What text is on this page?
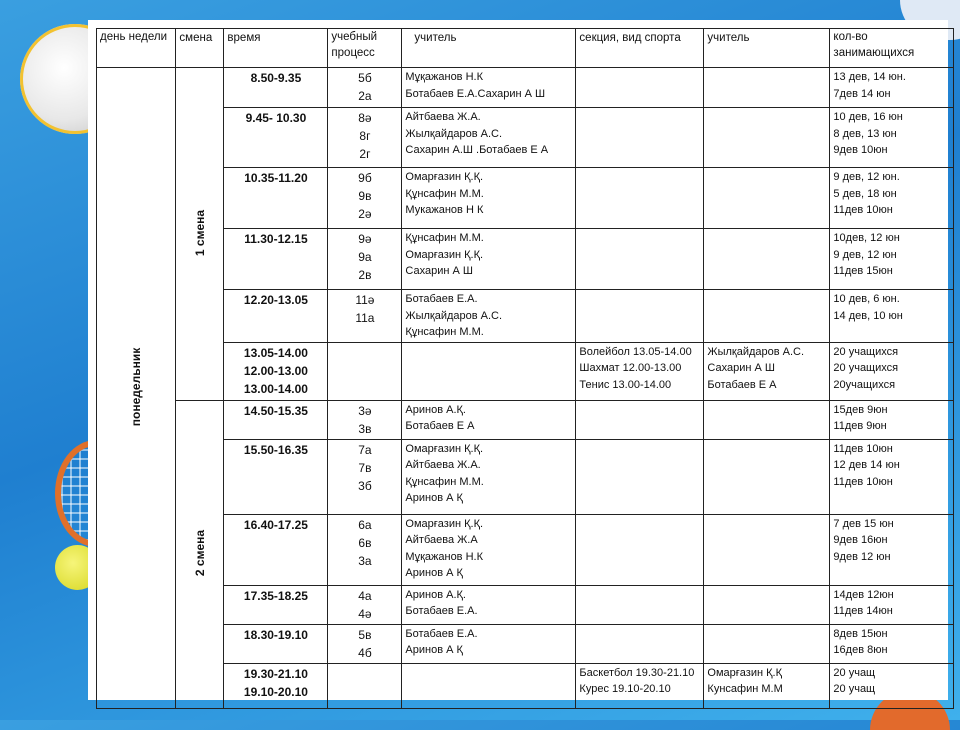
день недели	смена	время	учебный процесс	учитель	секция, вид спорта	учитель	кол-во занимающихся
понедельник	1 смена	8.50-9.35	5б
2а	Мұқажанов Н.К
Ботабаев Е.А.Сахарин А Ш			13 дев, 14 юн.
7дев 14 юн

		9.45- 10.30	8ә
8г
2г	Айтбаева Ж.А.
Жылқайдаров А.С.
Сахарин А.Ш .Ботабаев Е А			10 дев, 16 юн
8 дев, 13 юн
9дев 10юн

		10.35-11.20	9б
9в
2ә	Омарғазин Қ.Қ.
Құнсафин М.М.
Мукажанов Н К			9 дев, 12 юн.
5 дев, 18 юн
11дев 10юн

		11.30-12.15	9ә
9а
2в	Құнсафин М.М.
Омарғазин Қ.Қ.
Сахарин А Ш			10дев, 12 юн
9 дев, 12 юн
11дев 15юн

		12.20-13.05	11ә
11а	Ботабаев Е.А.
Жылқайдаров А.С.
Құнсафин М.М.			10 дев, 6 юн.
14 дев, 10 юн

		13.05-14.00
12.00-13.00
13.00-14.00			Волейбол 13.05-14.00
Шахмат 12.00-13.00
Тенис 13.00-14.00	Жылқайдаров А.С.
Сахарин А Ш
Ботабаев Е А	20 учащихся
20 учащихся
20учащихся

	2 смена	14.50-15.35	3ә
3в	Аринов А.Қ.
Ботабаев Е А			15дев 9юн
11дев 9юн

		15.50-16.35	7а
7в
3б	Омарғазин Қ.Қ.
Айтбаева Ж.А.
Құнсафин М.М.
Аринов А Қ			11дев 10юн
12 дев 14 юн
11дев 10юн

		16.40-17.25	6а
6в
3а	Омарғазин Қ.Қ.
Айтбаева Ж.А
Мұқажанов Н.К
Аринов А Қ			7 дев 15 юн
9дев 16юн
9дев 12 юн

		17.35-18.25	4а
4ә	Аринов А.Қ.
Ботабаев Е.А.			14дев 12юн
11дев 14юн

		18.30-19.10	5в
4б	Ботабаев Е.А.
Аринов А Қ			8дев 15юн
16дев 8юн

		19.30-21.10
19.10-20.10			Баскетбол 19.30-21.10
Курес 19.10-20.10	Омарғазин Қ.Қ
Кунсафин М.М	20 учащ
20 учащ
